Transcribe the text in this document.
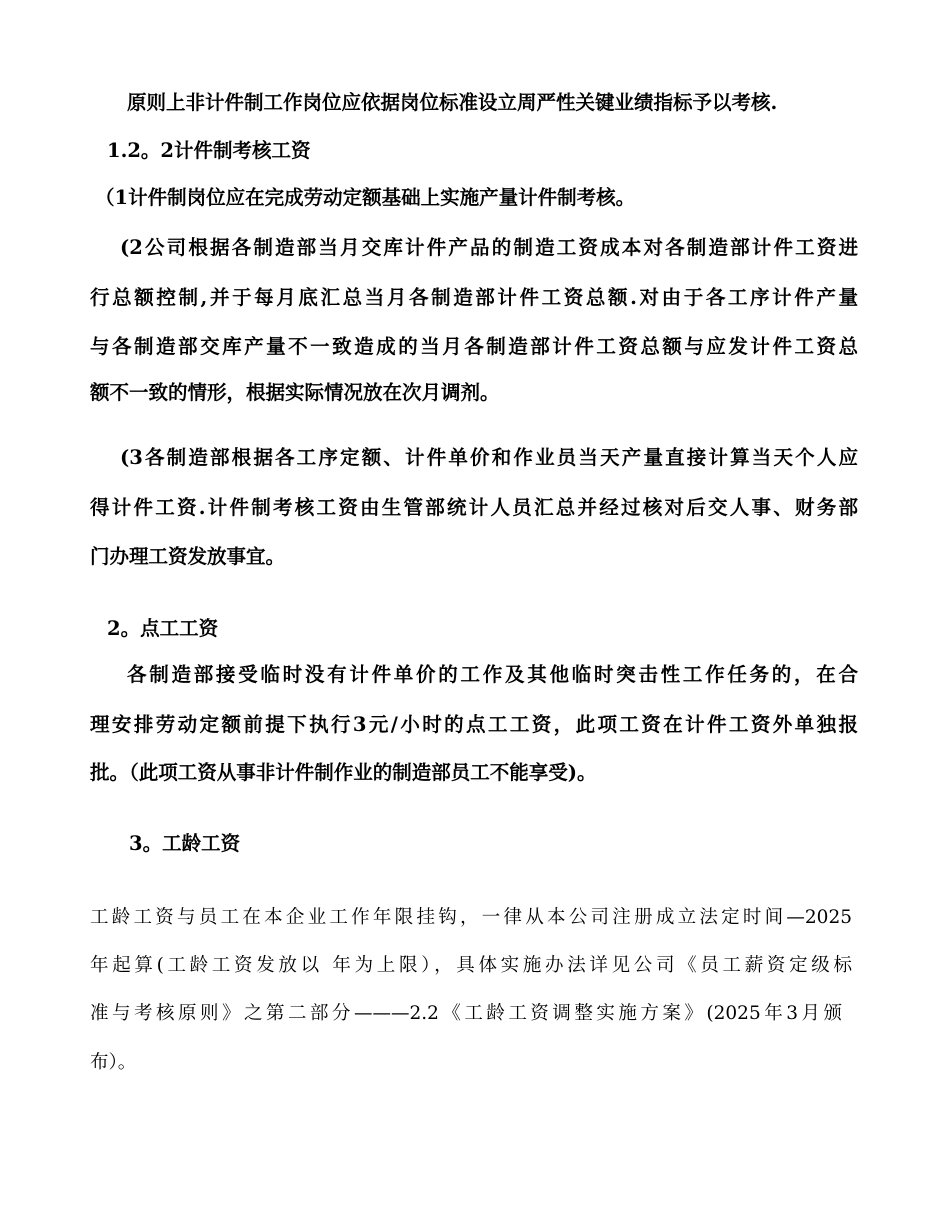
原则上非计件制工作岗位应依据岗位标准设立周严性关键业绩指标予以考核.
1.2。2计件制考核工资
（1计件制岗位应在完成劳动定额基础上实施产量计件制考核。
(2公司根据各制造部当月交库计件产品的制造工资成本对各制造部计件工资进
行总额控制,并于每月底汇总当月各制造部计件工资总额.对由于各工序计件产量
与各制造部交库产量不一致造成的当月各制造部计件工资总额与应发计件工资总
额不一致的情形，根据实际情况放在次月调剂。
(3各制造部根据各工序定额、计件单价和作业员当天产量直接计算当天个人应
得计件工资.计件制考核工资由生管部统计人员汇总并经过核对后交人事、财务部
门办理工资发放事宜。
2。点工工资
各制造部接受临时没有计件单价的工作及其他临时突击性工作任务的，在合
理安排劳动定额前提下执行3元/小时的点工工资，此项工资在计件工资外单独报
批。（此项工资从事非计件制作业的制造部员工不能享受)。
3。工龄工资
工龄工资与员工在本企业工作年限挂钩，一律从本公司注册成立法定时间—2025
年起算(工龄工资发放以 年为上限），具体实施办法详见公司《员工薪资定级标
准与考核原则》之第二部分———2.2《工龄工资调整实施方案》(2025年3月颁
布）。
